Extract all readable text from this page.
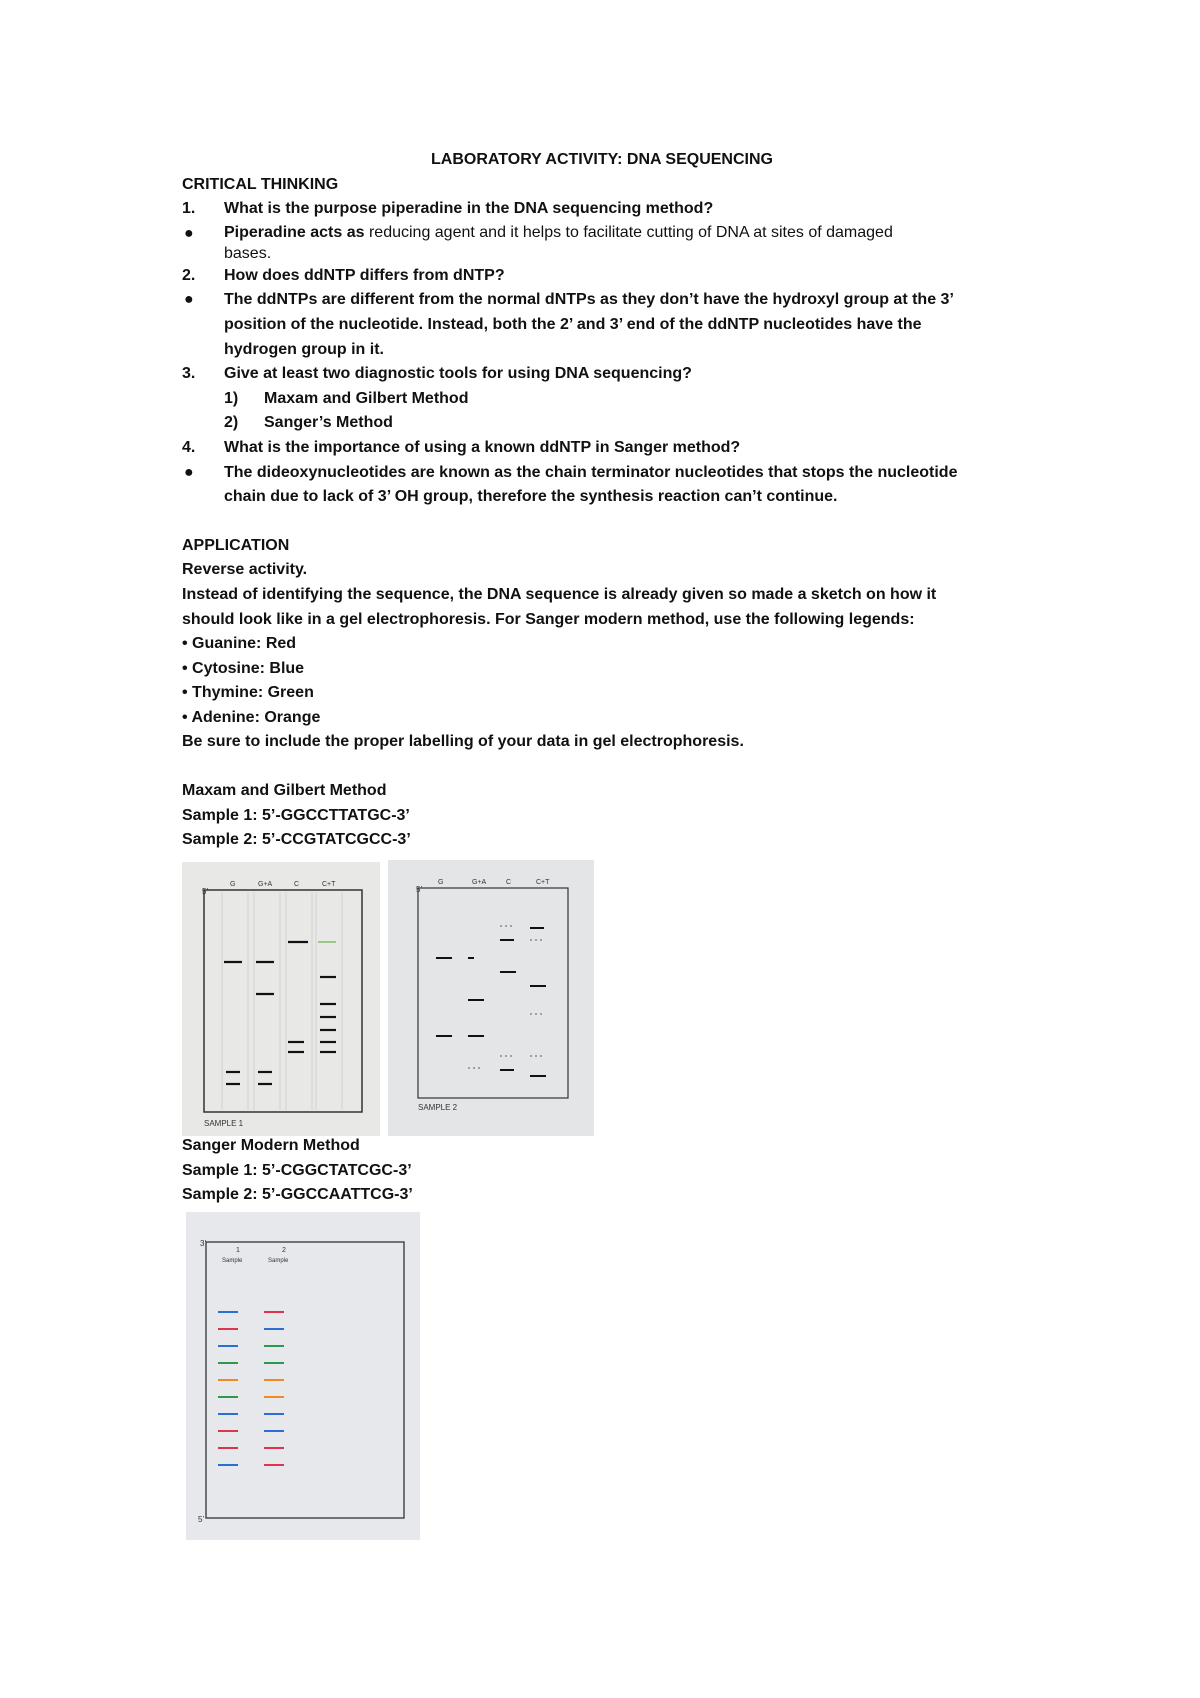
LABORATORY ACTIVITY: DNA SEQUENCING
CRITICAL THINKING
1.	What is the purpose piperadine in the DNA sequencing method?
●	Piperadine acts as reducing agent and it helps to facilitate cutting of DNA at sites of damaged
bases.
2.	How does ddNTP differs from dNTP?
● The ddNTPs are different from the normal dNTPs as they don’t have the hydroxyl group at the 3’
position of the nucleotide. Instead, both the 2’ and 3’ end of the ddNTP nucleotides have the
hydrogen group in it.
3.	Give at least two diagnostic tools for using DNA sequencing?
1) Maxam and Gilbert Method
2) Sanger’s Method
4.	What is the importance of using a known ddNTP in Sanger method?
● The dideoxynucleotides are known as the chain terminator nucleotides that stops the nucleotide
chain due to lack of 3’ OH group, therefore the synthesis reaction can’t continue.
APPLICATION
Reverse activity.
Instead of identifying the sequence, the DNA sequence is already given so made a sketch on how it
should look like in a gel electrophoresis. For Sanger modern method, use the following legends:
• Guanine: Red
• Cytosine: Blue
• Thymine: Green
• Adenine: Orange
Be sure to include the proper labelling of your data in gel electrophoresis.
Maxam and Gilbert Method
Sample 1: 5’-GGCCTTATGC-3’
Sample 2: 5’-CCGTATCGCC-3’
5’
G	G+A	C	C+T
SAMPLE 1
5’
G	G+A	C	C+T
SAMPLE 2
Sanger Modern Method
Sample 1: 5’-CGGCTATCGC-3’
Sample 2: 5’-GGCCAATTCG-3’
3’
5’
1	2
Sample	Sample
